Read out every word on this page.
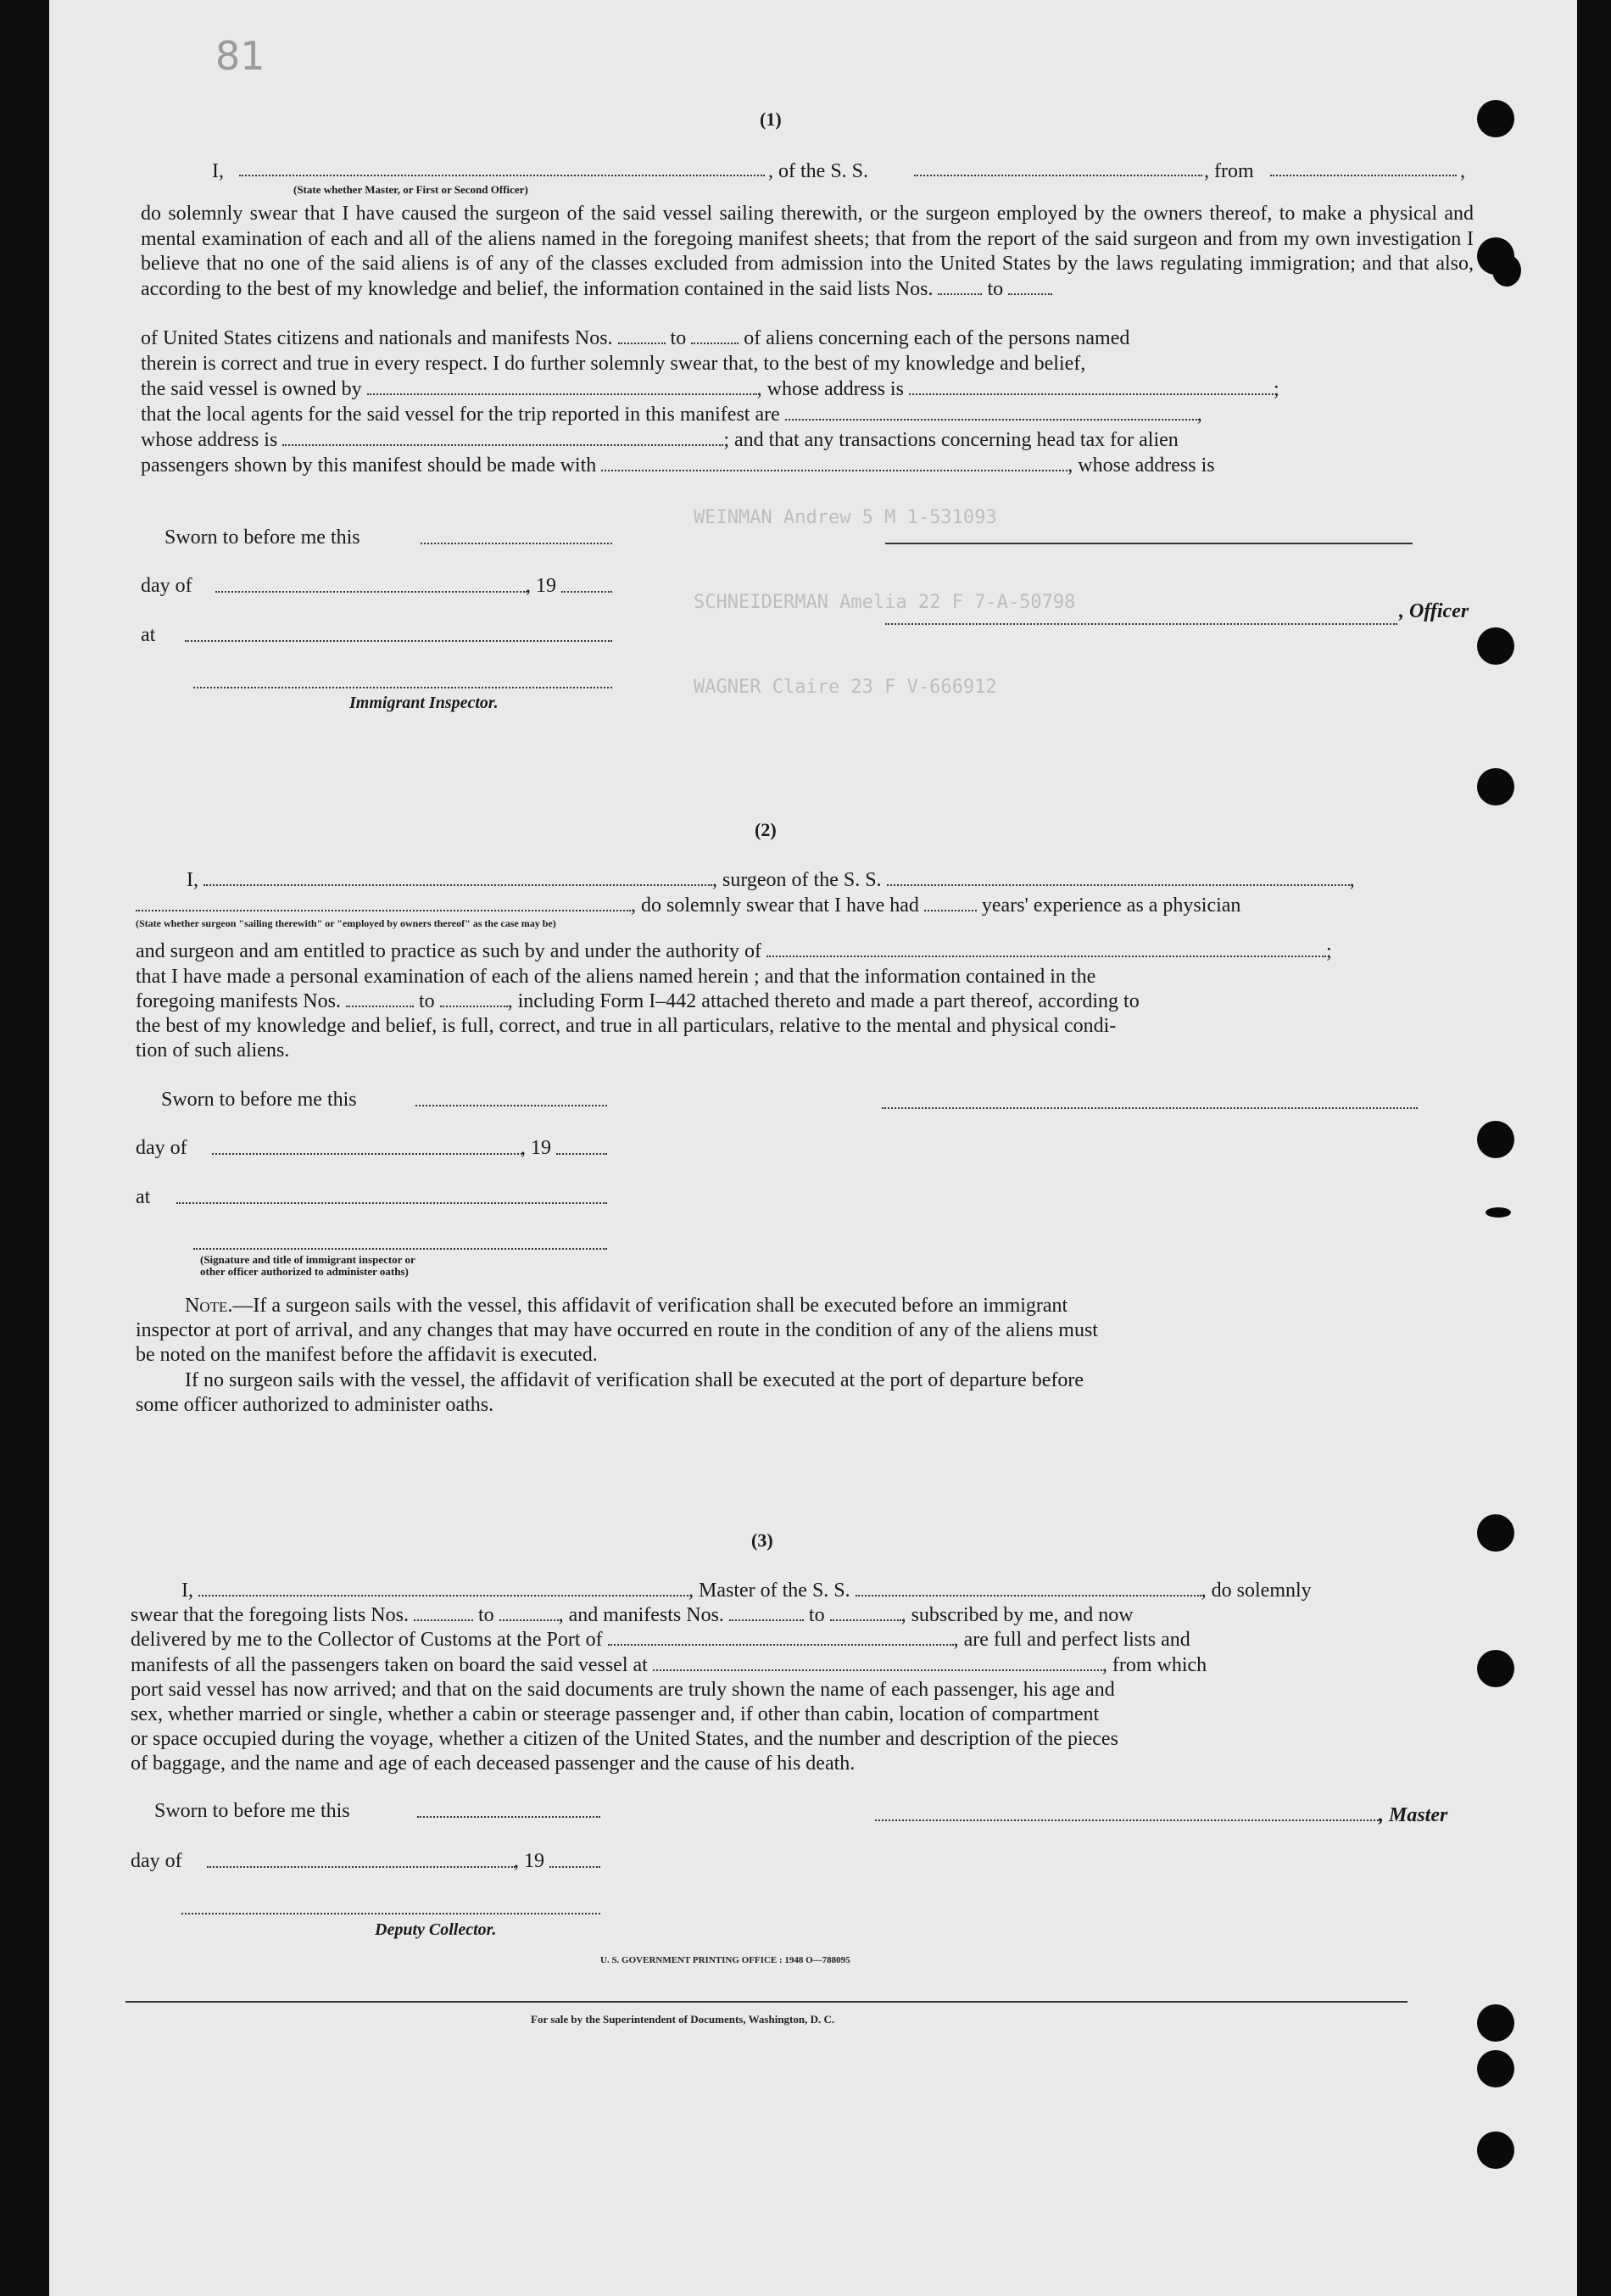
81
(1)
I,	, of the S. S.	, from	,
(State whether Master, or First or Second Officer)
do solemnly swear that I have caused the surgeon of the said vessel sailing therewith, or the surgeon employed by the owners thereof, to make a physical and mental examination of each and all of the aliens named in the foregoing manifest sheets; that from the report of the said surgeon and from my own investigation I believe that no one of the said aliens is of any of the classes excluded from admission into the United States by the laws regulating immigration; and that also, according to the best of my knowledge and belief, the information contained in the said lists Nos.	to
of United States citizens and nationals and manifests Nos.	to	of aliens concerning each of the persons named
therein is correct and true in every respect. I do further solemnly swear that, to the best of my knowledge and belief,
the said vessel is owned by	, whose address is	;
that the local agents for the said vessel for the trip reported in this manifest are	,
whose address is	; and that any transactions concerning head tax for alien
passengers shown by this manifest should be made with	, whose address is
Sworn to before me this
day of	, 19
at
Immigrant Inspector.
, Officer
WEINMAN Andrew 5 M 1-531093
SCHNEIDERMAN Amelia 22 F 7-A-50798
WAGNER Claire 23 F V-666912
(2)
I,	, surgeon of the S. S.	,
, do solemnly swear that I have had	years' experience as a physician
(State whether surgeon "sailing therewith" or "employed by owners thereof" as the case may be)
and surgeon and am entitled to practice as such by and under the authority of	;
that I have made a personal examination of each of the aliens named herein ; and that the information contained in the
foregoing manifests Nos.	to	, including Form I–442 attached thereto and made a part thereof, according to
the best of my knowledge and belief, is full, correct, and true in all particulars, relative to the mental and physical condi-
tion of such aliens.
Sworn to before me this
day of	, 19
at
(Signature and title of immigrant inspector or
other officer authorized to administer oaths)
Note.—If a surgeon sails with the vessel, this affidavit of verification shall be executed before an immigrant
inspector at port of arrival, and any changes that may have occurred en route in the condition of any of the aliens must
be noted on the manifest before the affidavit is executed.
If no surgeon sails with the vessel, the affidavit of verification shall be executed at the port of departure before
some officer authorized to administer oaths.
(3)
I,	, Master of the S. S.	, do solemnly
swear that the foregoing lists Nos.	to	, and manifests Nos.	to	, subscribed by me, and now
delivered by me to the Collector of Customs at the Port of	, are full and perfect lists and
manifests of all the passengers taken on board the said vessel at	, from which
port said vessel has now arrived; and that on the said documents are truly shown the name of each passenger, his age and
sex, whether married or single, whether a cabin or steerage passenger and, if other than cabin, location of compartment
or space occupied during the voyage, whether a citizen of the United States, and the number and description of the pieces
of baggage, and the name and age of each deceased passenger and the cause of his death.
Sworn to before me this	, Master
day of	, 19
Deputy Collector.
U. S. GOVERNMENT PRINTING OFFICE : 1948 O—788095
For sale by the Superintendent of Documents, Washington, D. C.
